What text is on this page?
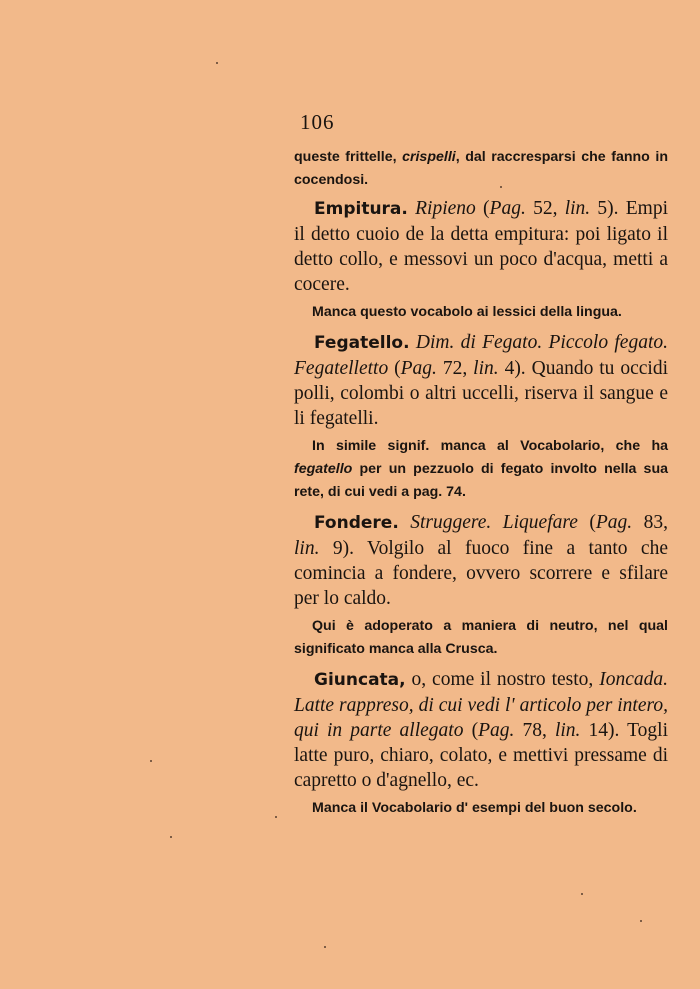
106

queste frittelle, crispelli, dal raccresparsi che fanno in cocendosi.

Empitura. Ripieno (Pag. 52, lin. 5). Empi il detto cuoio de la detta empitura: poi ligato il detto collo, e messovi un poco d'acqua, metti a cocere.

Manca questo vocabolo ai lessici della lingua.

Fegatello. Dim. di Fegato. Piccolo fegato. Fegatelletto (Pag. 72, lin. 4). Quando tu occidi polli, colombi o altri uccelli, riserva il sangue e li fegatelli.

In simile signif. manca al Vocabolario, che ha fegatello per un pezzuolo di fegato involto nella sua rete, di cui vedi a pag. 74.

Fondere. Struggere. Liquefare (Pag. 83, lin. 9). Volgilo al fuoco fine a tanto che comincia a fondere, ovvero scorrere e sfilare per lo caldo.

Qui è adoperato a maniera di neutro, nel qual significato manca alla Crusca.

Giuncata, o, come il nostro testo, Ioncada. Latte rappreso, di cui vedi l' articolo per intero, qui in parte allegato (Pag. 78, lin. 14). Togli latte puro, chiaro, colato, e mettivi pressame di capretto o d'agnello, ec.

Manca il Vocabolario d' esempi del buon secolo.
